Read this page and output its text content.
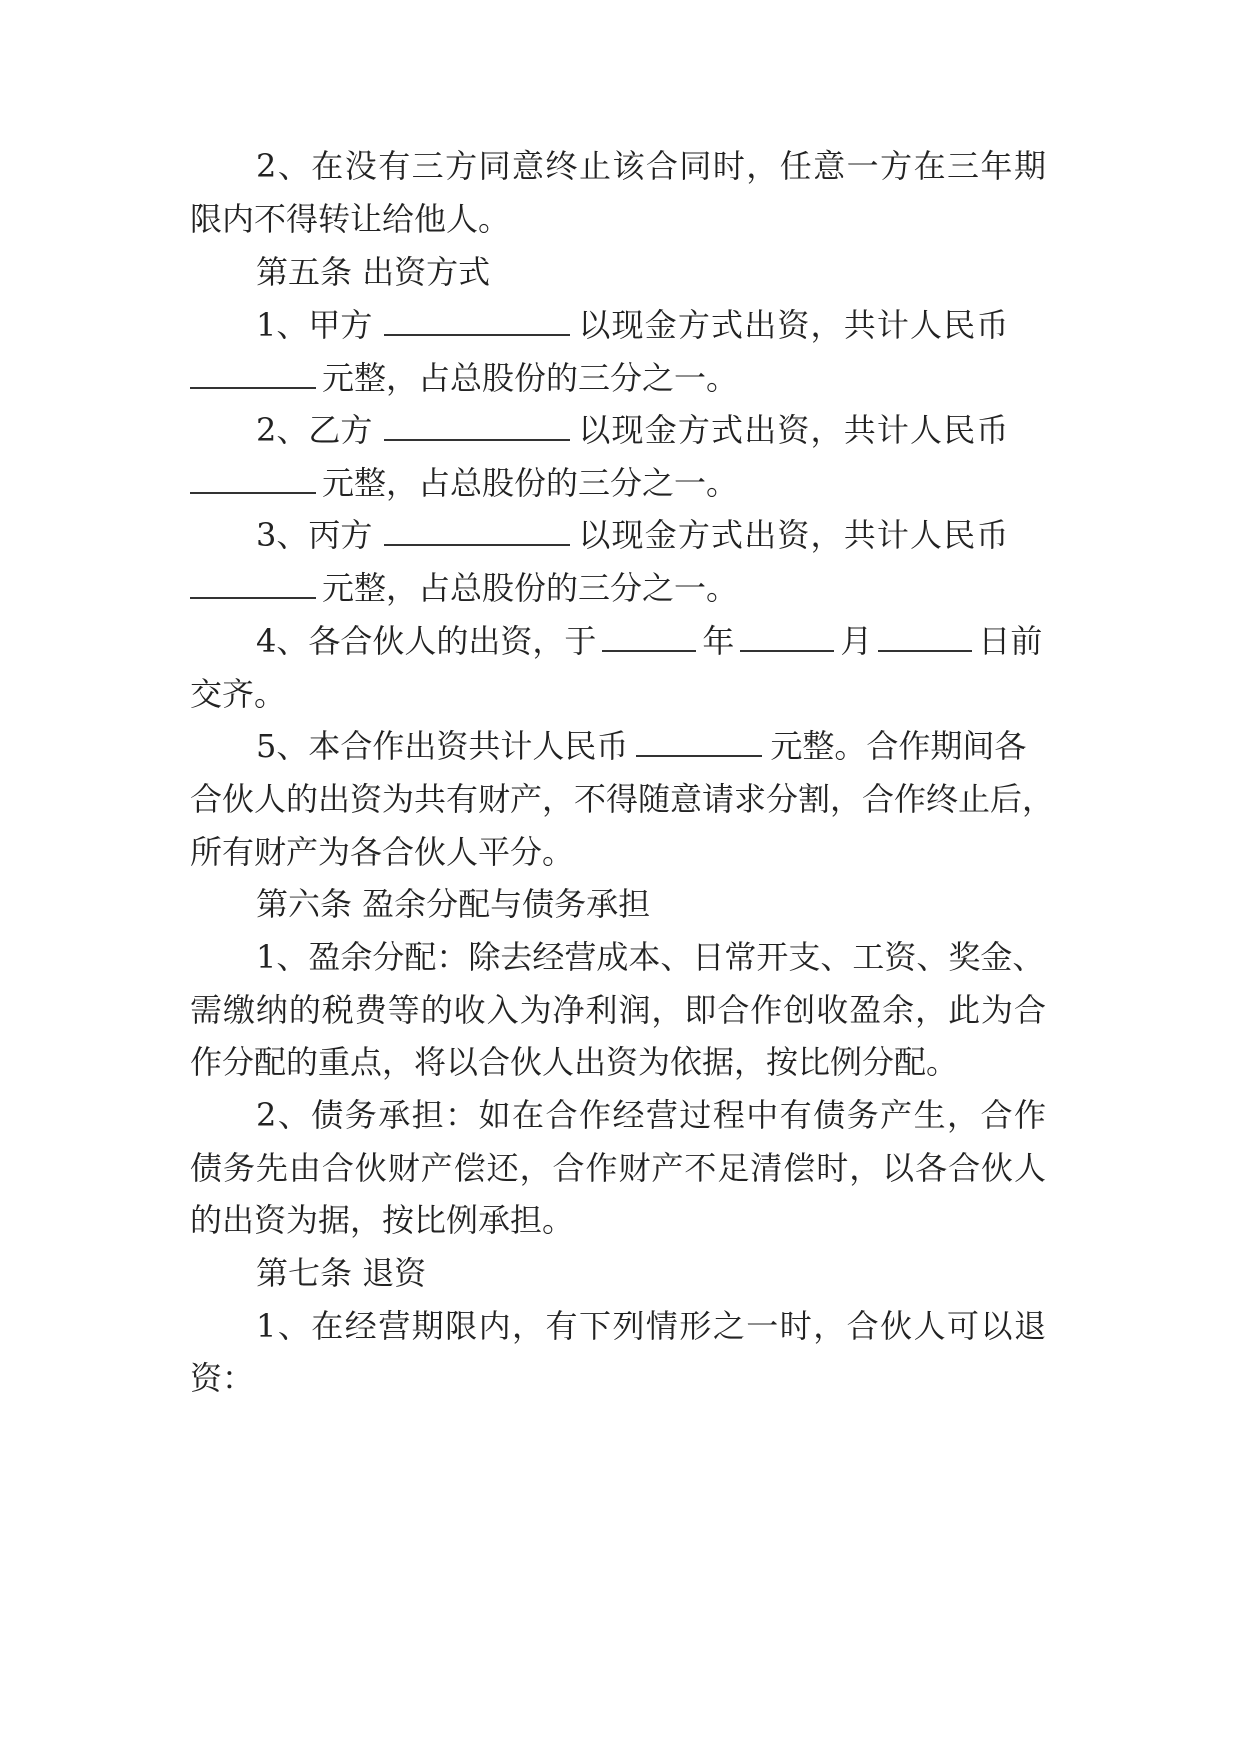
2、在没有三方同意终止该合同时，任意一方在三年期
限内不得转让给他人。
第五条 出资方式
1、甲方	以现金方式出资，共计人民币
元整，占总股份的三分之一。
2、乙方	以现金方式出资，共计人民币
元整，占总股份的三分之一。
3、丙方	以现金方式出资，共计人民币
元整，占总股份的三分之一。
4、各合伙人的出资，于	年	月	日前
交齐。
5、本合作出资共计人民币	元整。合作期间各
合伙人的出资为共有财产，不得随意请求分割，合作终止后，
所有财产为各合伙人平分。
第六条 盈余分配与债务承担
1、盈余分配：除去经营成本、日常开支、工资、奖金、
需缴纳的税费等的收入为净利润，即合作创收盈余，此为合
作分配的重点，将以合伙人出资为依据，按比例分配。
2、债务承担：如在合作经营过程中有债务产生，合作
债务先由合伙财产偿还，合作财产不足清偿时，以各合伙人
的出资为据，按比例承担。
第七条 退资
1、在经营期限内，有下列情形之一时，合伙人可以退
资：
